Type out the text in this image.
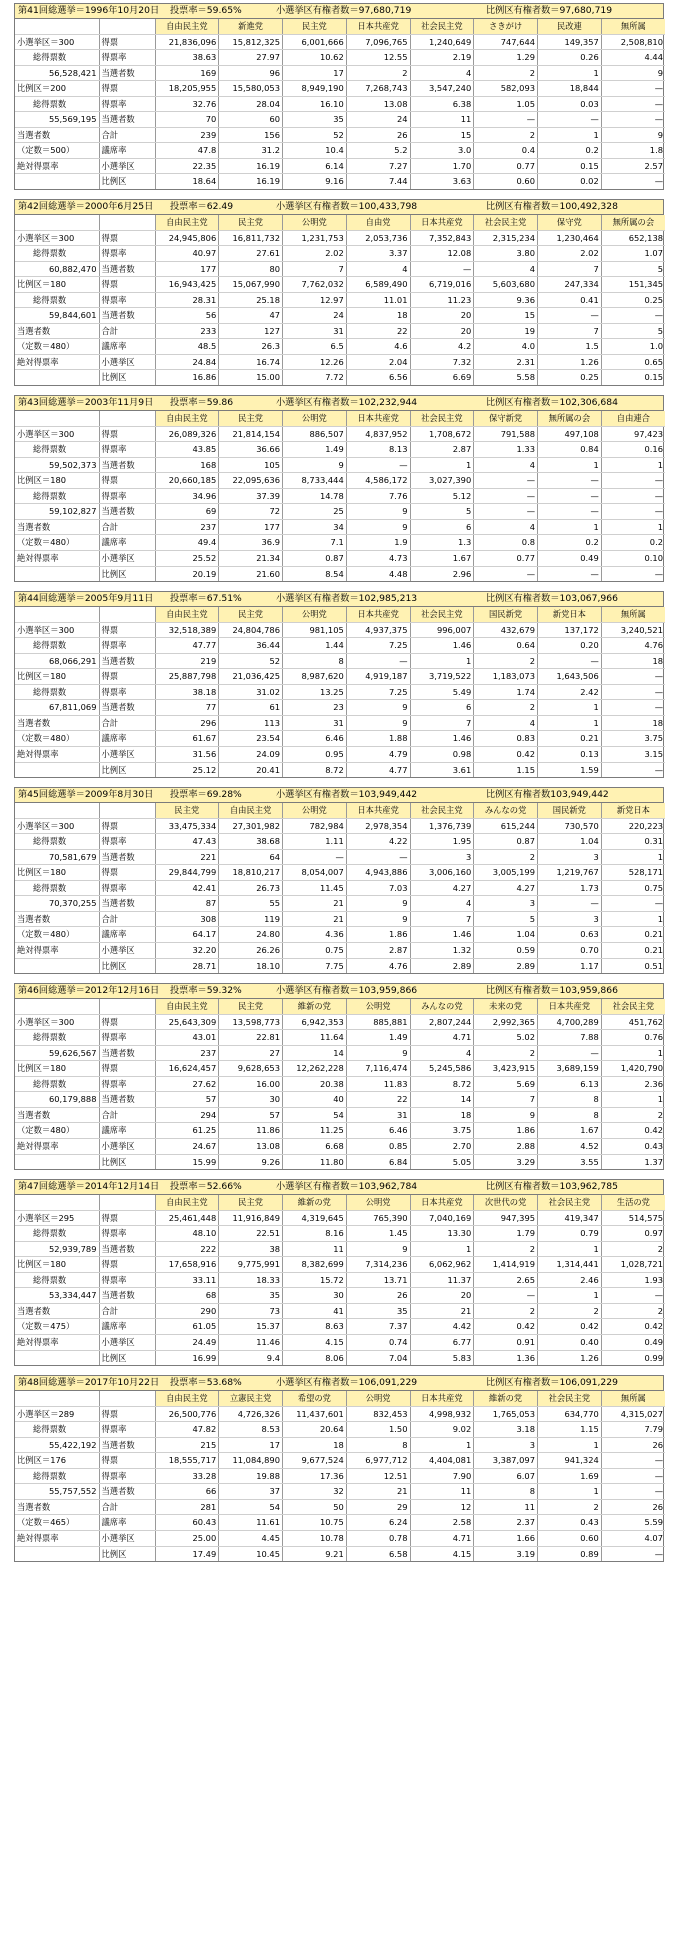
第41回総選挙＝1996年10月20日 投票率＝59.65%	小選挙区有権者数＝97,680,719	比例区有権者数＝97,680,719
		自由民主党	新進党	民主党	日本共産党	社会民主党	さきがけ	民改連	無所属
小選挙区＝300	得票	21,836,096	15,812,325	6,001,666	7,096,765	1,240,649	747,644	149,357	2,508,810
総得票数	得票率	38.63	27.97	10.62	12.55	2.19	1.29	0.26	4.44
56,528,421	当選者数	169	96	17	2	4	2	1	9
比例区＝200	得票	18,205,955	15,580,053	8,949,190	7,268,743	3,547,240	582,093	18,844	—
総得票数	得票率	32.76	28.04	16.10	13.08	6.38	1.05	0.03	—
55,569,195	当選者数	70	60	35	24	11	—	—	—
当選者数	合計	239	156	52	26	15	2	1	9
（定数＝500）	議席率	47.8	31.2	10.4	5.2	3.0	0.4	0.2	1.8
絶対得票率	小選挙区	22.35	16.19	6.14	7.27	1.70	0.77	0.15	2.57
	比例区	18.64	16.19	9.16	7.44	3.63	0.60	0.02	—
第42回総選挙＝2000年6月25日 投票率＝62.49	小選挙区有権者数＝100,433,798	比例区有権者数＝100,492,328
		自由民主党	民主党	公明党	自由党	日本共産党	社会民主党	保守党	無所属の会
小選挙区＝300	得票	24,945,806	16,811,732	1,231,753	2,053,736	7,352,843	2,315,234	1,230,464	652,138
総得票数	得票率	40.97	27.61	2.02	3.37	12.08	3.80	2.02	1.07
60,882,470	当選者数	177	80	7	4	—	4	7	5
比例区＝180	得票	16,943,425	15,067,990	7,762,032	6,589,490	6,719,016	5,603,680	247,334	151,345
総得票数	得票率	28.31	25.18	12.97	11.01	11.23	9.36	0.41	0.25
59,844,601	当選者数	56	47	24	18	20	15	—	—
当選者数	合計	233	127	31	22	20	19	7	5
（定数＝480）	議席率	48.5	26.3	6.5	4.6	4.2	4.0	1.5	1.0
絶対得票率	小選挙区	24.84	16.74	12.26	2.04	7.32	2.31	1.26	0.65
	比例区	16.86	15.00	7.72	6.56	6.69	5.58	0.25	0.15
第43回総選挙＝2003年11月9日 投票率＝59.86	小選挙区有権者数＝102,232,944	比例区有権者数＝102,306,684
		自由民主党	民主党	公明党	日本共産党	社会民主党	保守新党	無所属の会	自由連合
小選挙区＝300	得票	26,089,326	21,814,154	886,507	4,837,952	1,708,672	791,588	497,108	97,423
総得票数	得票率	43.85	36.66	1.49	8.13	2.87	1.33	0.84	0.16
59,502,373	当選者数	168	105	9	—	1	4	1	1
比例区＝180	得票	20,660,185	22,095,636	8,733,444	4,586,172	3,027,390	—	—	—
総得票数	得票率	34.96	37.39	14.78	7.76	5.12	—	—	—
59,102,827	当選者数	69	72	25	9	5	—	—	—
当選者数	合計	237	177	34	9	6	4	1	1
（定数＝480）	議席率	49.4	36.9	7.1	1.9	1.3	0.8	0.2	0.2
絶対得票率	小選挙区	25.52	21.34	0.87	4.73	1.67	0.77	0.49	0.10
	比例区	20.19	21.60	8.54	4.48	2.96	—	—	—
第44回総選挙＝2005年9月11日 投票率＝67.51%	小選挙区有権者数＝102,985,213	比例区有権者数＝103,067,966
		自由民主党	民主党	公明党	日本共産党	社会民主党	国民新党	新党日本	無所属
小選挙区＝300	得票	32,518,389	24,804,786	981,105	4,937,375	996,007	432,679	137,172	3,240,521
総得票数	得票率	47.77	36.44	1.44	7.25	1.46	0.64	0.20	4.76
68,066,291	当選者数	219	52	8	—	1	2	—	18
比例区＝180	得票	25,887,798	21,036,425	8,987,620	4,919,187	3,719,522	1,183,073	1,643,506	—
総得票数	得票率	38.18	31.02	13.25	7.25	5.49	1.74	2.42	—
67,811,069	当選者数	77	61	23	9	6	2	1	—
当選者数	合計	296	113	31	9	7	4	1	18
（定数＝480）	議席率	61.67	23.54	6.46	1.88	1.46	0.83	0.21	3.75
絶対得票率	小選挙区	31.56	24.09	0.95	4.79	0.98	0.42	0.13	3.15
	比例区	25.12	20.41	8.72	4.77	3.61	1.15	1.59	—
第45回総選挙＝2009年8月30日 投票率＝69.28%	小選挙区有権者数＝103,949,442	比例区有権者数103,949,442
		民主党	自由民主党	公明党	日本共産党	社会民主党	みんなの党	国民新党	新党日本
小選挙区＝300	得票	33,475,334	27,301,982	782,984	2,978,354	1,376,739	615,244	730,570	220,223
総得票数	得票率	47.43	38.68	1.11	4.22	1.95	0.87	1.04	0.31
70,581,679	当選者数	221	64	—	—	3	2	3	1
比例区＝180	得票	29,844,799	18,810,217	8,054,007	4,943,886	3,006,160	3,005,199	1,219,767	528,171
総得票数	得票率	42.41	26.73	11.45	7.03	4.27	4.27	1.73	0.75
70,370,255	当選者数	87	55	21	9	4	3	—	—
当選者数	合計	308	119	21	9	7	5	3	1
（定数＝480）	議席率	64.17	24.80	4.36	1.86	1.46	1.04	0.63	0.21
絶対得票率	小選挙区	32.20	26.26	0.75	2.87	1.32	0.59	0.70	0.21
	比例区	28.71	18.10	7.75	4.76	2.89	2.89	1.17	0.51
第46回総選挙＝2012年12月16日 投票率＝59.32%	小選挙区有権者数＝103,959,866	比例区有権者数＝103,959,866
		自由民主党	民主党	維新の党	公明党	みんなの党	未来の党	日本共産党	社会民主党
小選挙区＝300	得票	25,643,309	13,598,773	6,942,353	885,881	2,807,244	2,992,365	4,700,289	451,762
総得票数	得票率	43.01	22.81	11.64	1.49	4.71	5.02	7.88	0.76
59,626,567	当選者数	237	27	14	9	4	2	—	1
比例区＝180	得票	16,624,457	9,628,653	12,262,228	7,116,474	5,245,586	3,423,915	3,689,159	1,420,790
総得票数	得票率	27.62	16.00	20.38	11.83	8.72	5.69	6.13	2.36
60,179,888	当選者数	57	30	40	22	14	7	8	1
当選者数	合計	294	57	54	31	18	9	8	2
（定数＝480）	議席率	61.25	11.86	11.25	6.46	3.75	1.86	1.67	0.42
絶対得票率	小選挙区	24.67	13.08	6.68	0.85	2.70	2.88	4.52	0.43
	比例区	15.99	9.26	11.80	6.84	5.05	3.29	3.55	1.37
第47回総選挙＝2014年12月14日 投票率＝52.66%	小選挙区有権者数＝103,962,784	比例区有権者数＝103,962,785
		自由民主党	民主党	維新の党	公明党	日本共産党	次世代の党	社会民主党	生活の党
小選挙区＝295	得票	25,461,448	11,916,849	4,319,645	765,390	7,040,169	947,395	419,347	514,575
総得票数	得票率	48.10	22.51	8.16	1.45	13.30	1.79	0.79	0.97
52,939,789	当選者数	222	38	11	9	1	2	1	2
比例区＝180	得票	17,658,916	9,775,991	8,382,699	7,314,236	6,062,962	1,414,919	1,314,441	1,028,721
総得票数	得票率	33.11	18.33	15.72	13.71	11.37	2.65	2.46	1.93
53,334,447	当選者数	68	35	30	26	20	—	1	—
当選者数	合計	290	73	41	35	21	2	2	2
（定数＝475）	議席率	61.05	15.37	8.63	7.37	4.42	0.42	0.42	0.42
絶対得票率	小選挙区	24.49	11.46	4.15	0.74	6.77	0.91	0.40	0.49
	比例区	16.99	9.4	8.06	7.04	5.83	1.36	1.26	0.99
第48回総選挙＝2017年10月22日 投票率＝53.68%	小選挙区有権者数＝106,091,229	比例区有権者数＝106,091,229
		自由民主党	立憲民主党	希望の党	公明党	日本共産党	維新の党	社会民主党	無所属
小選挙区＝289	得票	26,500,776	4,726,326	11,437,601	832,453	4,998,932	1,765,053	634,770	4,315,027
総得票数	得票率	47.82	8.53	20.64	1.50	9.02	3.18	1.15	7.79
55,422,192	当選者数	215	17	18	8	1	3	1	26
比例区＝176	得票	18,555,717	11,084,890	9,677,524	6,977,712	4,404,081	3,387,097	941,324	—
総得票数	得票率	33.28	19.88	17.36	12.51	7.90	6.07	1.69	—
55,757,552	当選者数	66	37	32	21	11	8	1	—
当選者数	合計	281	54	50	29	12	11	2	26
（定数＝465）	議席率	60.43	11.61	10.75	6.24	2.58	2.37	0.43	5.59
絶対得票率	小選挙区	25.00	4.45	10.78	0.78	4.71	1.66	0.60	4.07
	比例区	17.49	10.45	9.21	6.58	4.15	3.19	0.89	—
